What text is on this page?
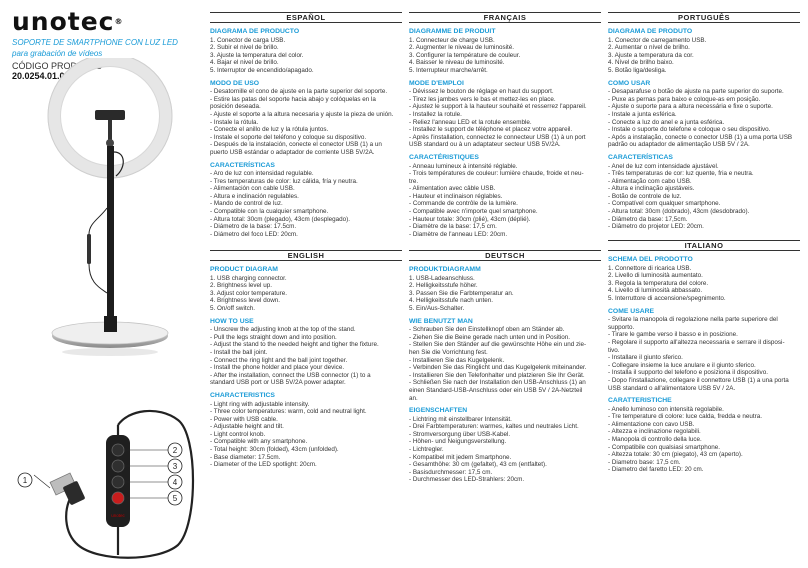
unotec®
SOPORTE DE SMARTPHONE CON LUZ LED
para grabación de vídeos
CÓDIGO PRODUCTO
20.0254.01.00
unotec
1
2
3
4
5
ESPAÑOL
DIAGRAMA DE PRODUCTO
1. Conector de carga USB.
2. Subir el nivel de brillo.
3. Ajuste la temperatura del color.
4. Bajar el nivel de brillo.
5. Interruptor de encendido/apagado.
MODO DE USO
- Desatornille el cono de ajuste en la parte superior del soporte.
- Estire las patas del soporte hacia abajo y colóquelas en la
posición deseada.
- Ajuste el soporte a la altura necesaria y ajuste la pieza de unión.
- Instale la rótula.
- Conecte el anillo de luz y la rótula juntos.
- Instale el soporte del teléfono y coloque su dispositivo.
- Después de la instalación, conecte el conector USB (1) a un
puerto USB estándar o adaptador de corriente USB 5V/2A.
CARACTERÍSTICAS
- Aro de luz con intensidad regulable.
- Tres temperaturas de color: luz cálida, fría y neutra.
- Alimentación con cable USB.
- Altura e inclinación regulables.
- Mando de control de luz.
- Compatible con la cualquier smartphone.
- Altura total: 30cm (plegado), 43cm (desplegado).
- Diámetro de la base: 17.5cm.
- Diámetro del foco LED: 20cm.
ENGLISH
PRODUCT DIAGRAM
1. USB charging connector.
2. Brightness level up.
3. Adjust color temperature.
4. Brightness level down.
5. On/off switch.
HOW TO USE
- Unscrew the adjusting knob at the top of the stand.
- Pull the legs straight down and into position.
- Adjust the stand to the needed height and tigher the fixture.
- Install the ball joint.
- Connect the ring light and the ball joint together.
- Install the phone holder and place your device.
- After the installation, connect the USB connector (1) to a
standard USB port or USB 5V/2A power adapter.
CHARACTERISTICS
- Light ring with adjustable intensity.
- Three color temperatures: warm, cold and neutral light.
- Power with USB cable.
- Adjustable height and tilt.
- Light control knob.
- Compatible with any smartphone.
- Total height: 30cm (folded), 43cm (unfolded).
- Base diameter: 17.5cm.
- Diameter of the LED spotlight: 20cm.
FRANÇAIS
DIAGRAMME DE PRODUIT
1. Connecteur de charge USB.
2. Augmenter le niveau de luminosité.
3. Configurer la température de couleur.
4. Baisser le niveau de luminosité.
5. Interrupteur marche/arrêt.
MODE D'EMPLOI
- Dévissez le bouton de réglage en haut du support.
- Tirez les jambes vers le bas et mettez-les en place.
- Ajustez le support à la hauteur souhaité et resserrez l'appareil.
- Installez la rotule.
- Reliez l'anneau LED et la rotule ensemble.
- Installez le support de téléphone et placez votre appareil.
- Après l'installation, connectez le connecteur USB (1) à un port
USB standard ou à un adaptateur secteur USB 5V/2A.
CARACTÉRISTIQUES
- Anneau lumineux à intensité réglable.
- Trois températures de couleur: lumière chaude, froide et neu-
tre.
- Alimentation avec câble USB.
- Hauteur et inclinaison réglables.
- Commande de contrôle de la lumière.
- Compatible avec n'importe quel smartphone.
- Hauteur totale: 30cm (plié), 43cm (déplié).
- Diamètre de la base: 17,5 cm.
- Diamètre de l'anneau LED: 20cm.
DEUTSCH
PRODUKTDIAGRAMM
1. USB-Ladeanschluss.
2. Helligkeitsstufe höher.
3. Passen Sie die Farbtemperatur an.
4. Helligkeitsstufe nach unten.
5. Ein/Aus-Schalter.
WIE BENUTZT MAN
- Schrauben Sie den Einstellknopf oben am Ständer ab.
- Ziehen Sie die Beine gerade nach unten und in Position.
- Stellen Sie den Ständer auf die gewünschte Höhe ein und zie-
hen Sie die Vorrichtung fest.
- Installieren Sie das Kugelgelenk.
- Verbinden Sie das Ringlicht und das Kugelgelenk miteinander.
- Installieren Sie den Telefonhalter und platzieren Sie Ihr Gerät.
- Schließen Sie nach der Installation den USB-Anschluss (1) an
einen Standard-USB-Anschluss oder ein USB 5V / 2A-Netzteil
an.
EIGENSCHAFTEN
- Lichtring mit einstellbarer Intensität.
- Drei Farbtemperaturen: warmes, kaltes und neutrales Licht.
- Stromversorgung über USB-Kabel.
- Höhen- und Neigungsverstellung.
- Lichtregler.
- Kompatibel mit jedem Smartphone.
- Gesamthöhe: 30 cm (gefaltet), 43 cm (entfaltet).
- Basisdurchmesser: 17,5 cm.
- Durchmesser des LED-Strahlers: 20cm.
PORTUGUÊS
DIAGRAMA DE PRODUTO
1. Conector de carregamento USB.
2. Aumentar o nível de brilho.
3. Ajuste a temperatura da cor.
4. Nível de brilho baixo.
5. Botão liga/desliga.
COMO USAR
- Desaparafuse o botão de ajuste na parte superior do suporte.
- Puxe as pernas para baixo e coloque-as em posição.
- Ajuste o suporte para a altura necessária e fixe o suporte.
- Instale a junta esférica.
- Conecte a luz do anel e a junta esférica.
- Instale o suporte do telefone e coloque o seu dispositivo.
- Após a instalação, conecte o conector USB (1) a uma porta USB
padrão ou adaptador de alimentação USB 5V / 2A.
CARACTERÍSTICAS
- Anel de luz com intensidade ajustável.
- Três temperaturas de cor: luz quente, fria e neutra.
- Alimentação com cabo USB.
- Altura e inclinação ajustáveis.
- Botão de controle de luz.
- Compatível com qualquer smartphone.
- Altura total: 30cm (dobrado), 43cm (desdobrado).
- Diâmetro da base: 17,5cm.
- Diâmetro do projetor LED: 20cm.
ITALIANO
SCHEMA DEL PRODOTTO
1. Connettore di ricarica USB.
2. Livello di luminosità aumentato.
3. Regola la temperatura del colore.
4. Livello di luminosità abbassato.
5. Interruttore di accensione/spegnimento.
COME USARE
- Svitare la manopola di regolazione nella parte superiore del
supporto.
- Tirare le gambe verso il basso e in posizione.
- Regolare il supporto all'altezza necessaria e serrare il disposi-
tivo.
- Installare il giunto sferico.
- Collegare insieme la luce anulare e il giunto sferico.
- Installa il supporto del telefono e posiziona il dispositivo.
- Dopo l'installazione, collegare il connettore USB (1) a una porta
USB standard o all'alimentatore USB 5V / 2A.
CARATTERISTICHE
- Anello luminoso con intensità regolabile.
- Tre temperature di colore: luce calda, fredda e neutra.
- Alimentazione con cavo USB.
- Altezza e inclinazione regolabili.
- Manopola di controllo della luce.
- Compatibile con qualsiasi smartphone.
- Altezza totale: 30 cm (piegato), 43 cm (aperto).
- Diametro base: 17,5 cm.
- Diametro del faretto LED: 20 cm.
